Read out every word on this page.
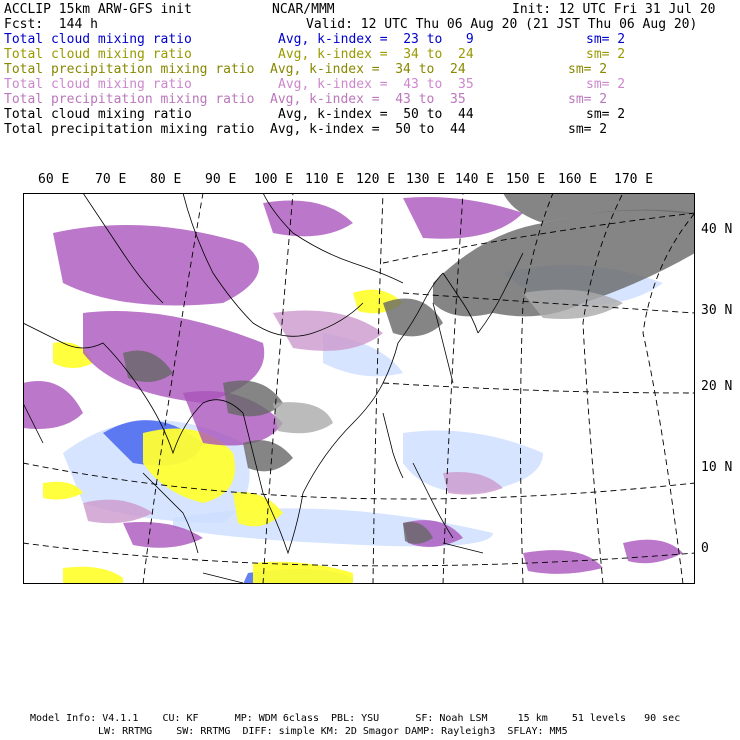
ACCLIP 15km ARW-GFS init	NCAR/MMM	Init: 12 UTC Fri 31 Jul 20
Fcst:  144 h	Valid: 12 UTC Thu 06 Aug 20 (21 JST Thu 06 Aug 20)
Total cloud mixing ratio	Avg, k-index =  23 to   9	sm= 2
Total cloud mixing ratio	Avg, k-index =  34 to  24	sm= 2
Total precipitation mixing ratio Avg, k-index =  34 to  24	sm= 2
Total cloud mixing ratio	Avg, k-index =  43 to  35	sm= 2
Total precipitation mixing ratio Avg, k-index =  43 to  35	sm= 2
Total cloud mixing ratio	Avg, k-index =  50 to  44	sm= 2
Total precipitation mixing ratio Avg, k-index =  50 to  44	sm= 2
60 E 70 E 80 E 90 E 100 E 110 E 120 E 130 E 140 E 150 E 160 E 170 E
40 N
30 N
20 N
10 N
0
Model Info: V4.1.1    CU: KF      MP: WDM 6class  PBL: YSU      SF: Noah LSM     15 km    51 levels   90 sec
LW: RRTMG    SW: RRTMG  DIFF: simple KM: 2D Smagor DAMP: Rayleigh3  SFLAY: MM5
